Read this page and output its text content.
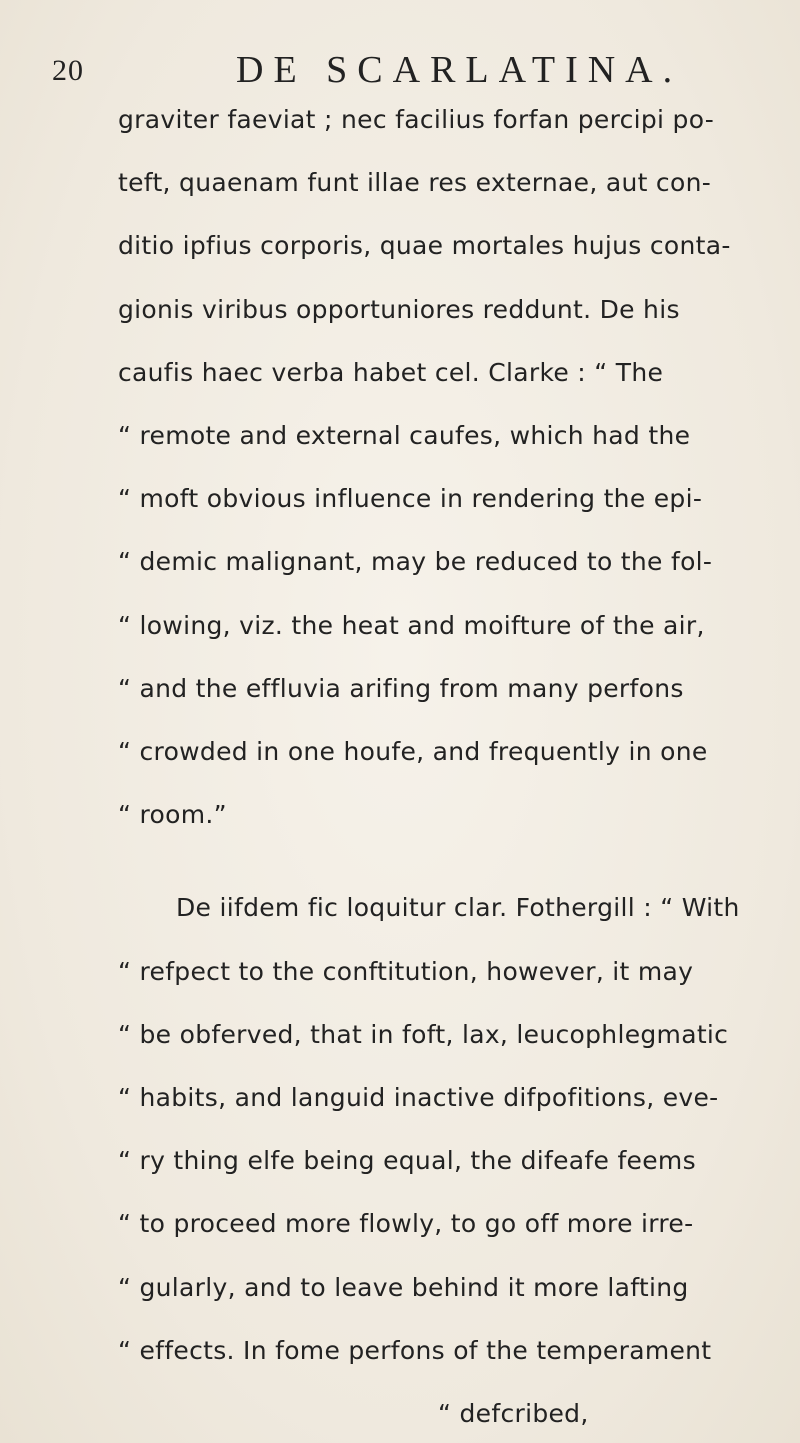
20	DE SCARLATINA.
graviter faeviat ; nec facilius forfan percipi po-
teft, quaenam funt illae res externae, aut con-
ditio ipfius corporis, quae mortales hujus conta-
gionis viribus opportuniores reddunt. De his
caufis haec verba habet cel. Clarke : “ The
“ remote and external caufes, which had the
“ moft obvious influence in rendering the epi-
“ demic malignant, may be reduced to the fol-
“ lowing, viz. the heat and moifture of the air,
“ and the effluvia arifing from many perfons
“ crowded in one houfe, and frequently in one
“ room.”
De iifdem fic loquitur clar. Fothergill : “ With
“ refpect to the conftitution, however, it may
“ be obferved, that in foft, lax, leucophlegmatic
“ habits, and languid inactive difpofitions, eve-
“ ry thing elfe being equal, the difeafe feems
“ to proceed more flowly, to go off more irre-
“ gularly, and to leave behind it more lafting
“ effects. In fome perfons of the temperament
“ defcribed,
